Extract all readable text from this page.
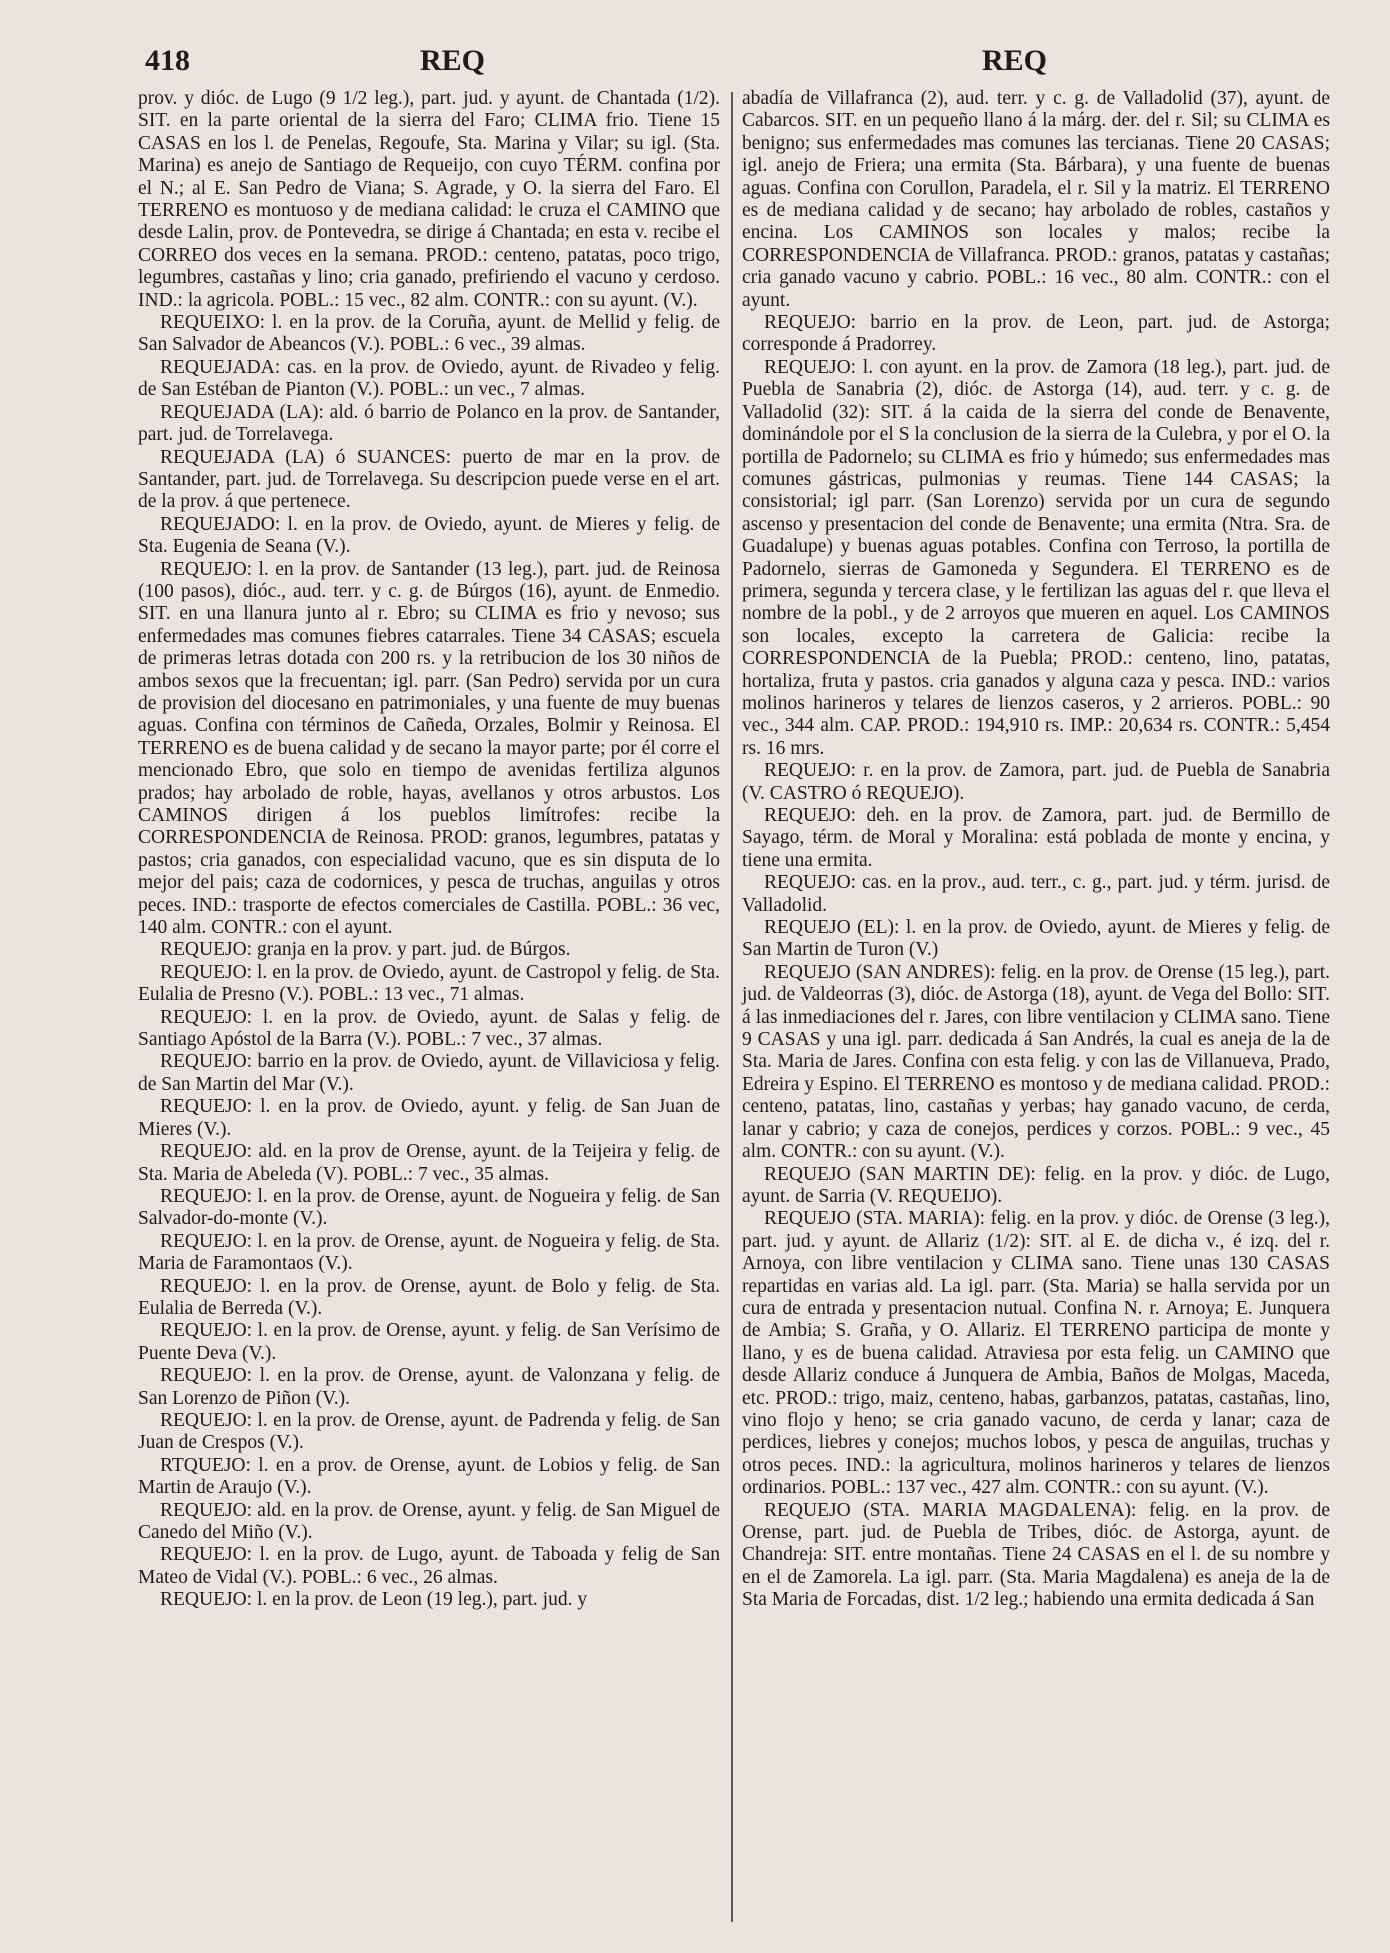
418	REQ	REQ

prov. y dióc. de Lugo (9 1/2 leg.), part. jud. y ayunt. de Chantada (1/2). SIT. en la parte oriental de la sierra del Faro; CLIMA frio. Tiene 15 CASAS en los l. de Penelas, Regoufe, Sta. Marina y Vilar; su igl. (Sta. Marina) es anejo de Santiago de Requeijo, con cuyo TÉRM. confina por el N.; al E. San Pedro de Viana; S. Agrade, y O. la sierra del Faro. El TERRENO es montuoso y de mediana calidad: le cruza el CAMINO que desde Lalin, prov. de Pontevedra, se dirige á Chantada; en esta v. recibe el CORREO dos veces en la semana. PROD.: centeno, patatas, poco trigo, legumbres, castañas y lino; cria ganado, prefiriendo el vacuno y cerdoso. IND.: la agricola. POBL.: 15 vec., 82 alm. CONTR.: con su ayunt. (V.).

REQUEIXO: l. en la prov. de la Coruña, ayunt. de Mellid y felig. de San Salvador de Abeancos (V.). POBL.: 6 vec., 39 almas.

REQUEJADA: cas. en la prov. de Oviedo, ayunt. de Rivadeo y felig. de San Estéban de Pianton (V.). POBL.: un vec., 7 almas.

REQUEJADA (LA): ald. ó barrio de Polanco en la prov. de Santander, part. jud. de Torrelavega.

REQUEJADA (LA) ó SUANCES: puerto de mar en la prov. de Santander, part. jud. de Torrelavega. Su descripcion puede verse en el art. de la prov. á que pertenece.

REQUEJADO: l. en la prov. de Oviedo, ayunt. de Mieres y felig. de Sta. Eugenia de Seana (V.).

REQUEJO: l. en la prov. de Santander (13 leg.), part. jud. de Reinosa (100 pasos), dióc., aud. terr. y c. g. de Búrgos (16), ayunt. de Enmedio. SIT. en una llanura junto al r. Ebro; su CLIMA es frio y nevoso; sus enfermedades mas comunes fiebres catarrales. Tiene 34 CASAS; escuela de primeras letras dotada con 200 rs. y la retribucion de los 30 niños de ambos sexos que la frecuentan; igl. parr. (San Pedro) servida por un cura de provision del diocesano en patrimoniales, y una fuente de muy buenas aguas. Confina con términos de Cañeda, Orzales, Bolmir y Reinosa. El TERRENO es de buena calidad y de secano la mayor parte; por él corre el mencionado Ebro, que solo en tiempo de avenidas fertiliza algunos prados; hay arbolado de roble, hayas, avellanos y otros arbustos. Los CAMINOS dirigen á los pueblos limítrofes: recibe la CORRESPONDENCIA de Reinosa. PROD: granos, legumbres, patatas y pastos; cria ganados, con especialidad vacuno, que es sin disputa de lo mejor del pais; caza de codornices, y pesca de truchas, anguilas y otros peces. IND.: trasporte de efectos comerciales de Castilla. POBL.: 36 vec, 140 alm. CONTR.: con el ayunt.

REQUEJO: granja en la prov. y part. jud. de Búrgos.

REQUEJO: l. en la prov. de Oviedo, ayunt. de Castropol y felig. de Sta. Eulalia de Presno (V.). POBL.: 13 vec., 71 almas.

REQUEJO: l. en la prov. de Oviedo, ayunt. de Salas y felig. de Santiago Apóstol de la Barra (V.). POBL.: 7 vec., 37 almas.

REQUEJO: barrio en la prov. de Oviedo, ayunt. de Villaviciosa y felig. de San Martin del Mar (V.).

REQUEJO: l. en la prov. de Oviedo, ayunt. y felig. de San Juan de Mieres (V.).

REQUEJO: ald. en la prov de Orense, ayunt. de la Teijeira y felig. de Sta. Maria de Abeleda (V). POBL.: 7 vec., 35 almas.

REQUEJO: l. en la prov. de Orense, ayunt. de Nogueira y felig. de San Salvador-do-monte (V.).

REQUEJO: l. en la prov. de Orense, ayunt. de Nogueira y felig. de Sta. Maria de Faramontaos (V.).

REQUEJO: l. en la prov. de Orense, ayunt. de Bolo y felig. de Sta. Eulalia de Berreda (V.).

REQUEJO: l. en la prov. de Orense, ayunt. y felig. de San Verísimo de Puente Deva (V.).

REQUEJO: l. en la prov. de Orense, ayunt. de Valonzana y felig. de San Lorenzo de Piñon (V.).

REQUEJO: l. en la prov. de Orense, ayunt. de Padrenda y felig. de San Juan de Crespos (V.).

RTQUEJO: l. en a prov. de Orense, ayunt. de Lobios y felig. de San Martin de Araujo (V.).

REQUEJO: ald. en la prov. de Orense, ayunt. y felig. de San Miguel de Canedo del Miño (V.).

REQUEJO: l. en la prov. de Lugo, ayunt. de Taboada y felig de San Mateo de Vidal (V.). POBL.: 6 vec., 26 almas.

REQUEJO: l. en la prov. de Leon (19 leg.), part. jud. y

abadía de Villafranca (2), aud. terr. y c. g. de Valladolid (37), ayunt. de Cabarcos. SIT. en un pequeño llano á la márg. der. del r. Sil; su CLIMA es benigno; sus enfermedades mas comunes las tercianas. Tiene 20 CASAS; igl. anejo de Friera; una ermita (Sta. Bárbara), y una fuente de buenas aguas. Confina con Corullon, Paradela, el r. Sil y la matriz. El TERRENO es de mediana calidad y de secano; hay arbolado de robles, castaños y encina. Los CAMINOS son locales y malos; recibe la CORRESPONDENCIA de Villafranca. PROD.: granos, patatas y castañas; cria ganado vacuno y cabrio. POBL.: 16 vec., 80 alm. CONTR.: con el ayunt.

REQUEJO: barrio en la prov. de Leon, part. jud. de Astorga; corresponde á Pradorrey.

REQUEJO: l. con ayunt. en la prov. de Zamora (18 leg.), part. jud. de Puebla de Sanabria (2), dióc. de Astorga (14), aud. terr. y c. g. de Valladolid (32): SIT. á la caida de la sierra del conde de Benavente, dominándole por el S la conclusion de la sierra de la Culebra, y por el O. la portilla de Padornelo; su CLIMA es frio y húmedo; sus enfermedades mas comunes gástricas, pulmonias y reumas. Tiene 144 CASAS; la consistorial; igl parr. (San Lorenzo) servida por un cura de segundo ascenso y presentacion del conde de Benavente; una ermita (Ntra. Sra. de Guadalupe) y buenas aguas potables. Confina con Terroso, la portilla de Padornelo, sierras de Gamoneda y Segundera. El TERRENO es de primera, segunda y tercera clase, y le fertilizan las aguas del r. que lleva el nombre de la pobl., y de 2 arroyos que mueren en aquel. Los CAMINOS son locales, excepto la carretera de Galicia: recibe la CORRESPONDENCIA de la Puebla; PROD.: centeno, lino, patatas, hortaliza, fruta y pastos. cria ganados y alguna caza y pesca. IND.: varios molinos harineros y telares de lienzos caseros, y 2 arrieros. POBL.: 90 vec., 344 alm. CAP. PROD.: 194,910 rs. IMP.: 20,634 rs. CONTR.: 5,454 rs. 16 mrs.

REQUEJO: r. en la prov. de Zamora, part. jud. de Puebla de Sanabria (V. CASTRO ó REQUEJO).

REQUEJO: deh. en la prov. de Zamora, part. jud. de Bermillo de Sayago, térm. de Moral y Moralina: está poblada de monte y encina, y tiene una ermita.

REQUEJO: cas. en la prov., aud. terr., c. g., part. jud. y térm. jurisd. de Valladolid.

REQUEJO (EL): l. en la prov. de Oviedo, ayunt. de Mieres y felig. de San Martin de Turon (V.)

REQUEJO (SAN ANDRES): felig. en la prov. de Orense (15 leg.), part. jud. de Valdeorras (3), dióc. de Astorga (18), ayunt. de Vega del Bollo: SIT. á las inmediaciones del r. Jares, con libre ventilacion y CLIMA sano. Tiene 9 CASAS y una igl. parr. dedicada á San Andrés, la cual es aneja de la de Sta. Maria de Jares. Confina con esta felig. y con las de Villanueva, Prado, Edreira y Espino. El TERRENO es montoso y de mediana calidad. PROD.: centeno, patatas, lino, castañas y yerbas; hay ganado vacuno, de cerda, lanar y cabrio; y caza de conejos, perdices y corzos. POBL.: 9 vec., 45 alm. CONTR.: con su ayunt. (V.).

REQUEJO (SAN MARTIN DE): felig. en la prov. y dióc. de Lugo, ayunt. de Sarria (V. REQUEIJO).

REQUEJO (STA. MARIA): felig. en la prov. y dióc. de Orense (3 leg.), part. jud. y ayunt. de Allariz (1/2): SIT. al E. de dicha v., é izq. del r. Arnoya, con libre ventilacion y CLIMA sano. Tiene unas 130 CASAS repartidas en varias ald. La igl. parr. (Sta. Maria) se halla servida por un cura de entrada y presentacion nutual. Confina N. r. Arnoya; E. Junquera de Ambia; S. Graña, y O. Allariz. El TERRENO participa de monte y llano, y es de buena calidad. Atraviesa por esta felig. un CAMINO que desde Allariz conduce á Junquera de Ambia, Baños de Molgas, Maceda, etc. PROD.: trigo, maiz, centeno, habas, garbanzos, patatas, castañas, lino, vino flojo y heno; se cria ganado vacuno, de cerda y lanar; caza de perdices, liebres y conejos; muchos lobos, y pesca de anguilas, truchas y otros peces. IND.: la agricultura, molinos harineros y telares de lienzos ordinarios. POBL.: 137 vec., 427 alm. CONTR.: con su ayunt. (V.).

REQUEJO (STA. MARIA MAGDALENA): felig. en la prov. de Orense, part. jud. de Puebla de Tribes, dióc. de Astorga, ayunt. de Chandreja: SIT. entre montañas. Tiene 24 CASAS en el l. de su nombre y en el de Zamorela. La igl. parr. (Sta. Maria Magdalena) es aneja de la de Sta Maria de Forcadas, dist. 1/2 leg.; habiendo una ermita dedicada á San
